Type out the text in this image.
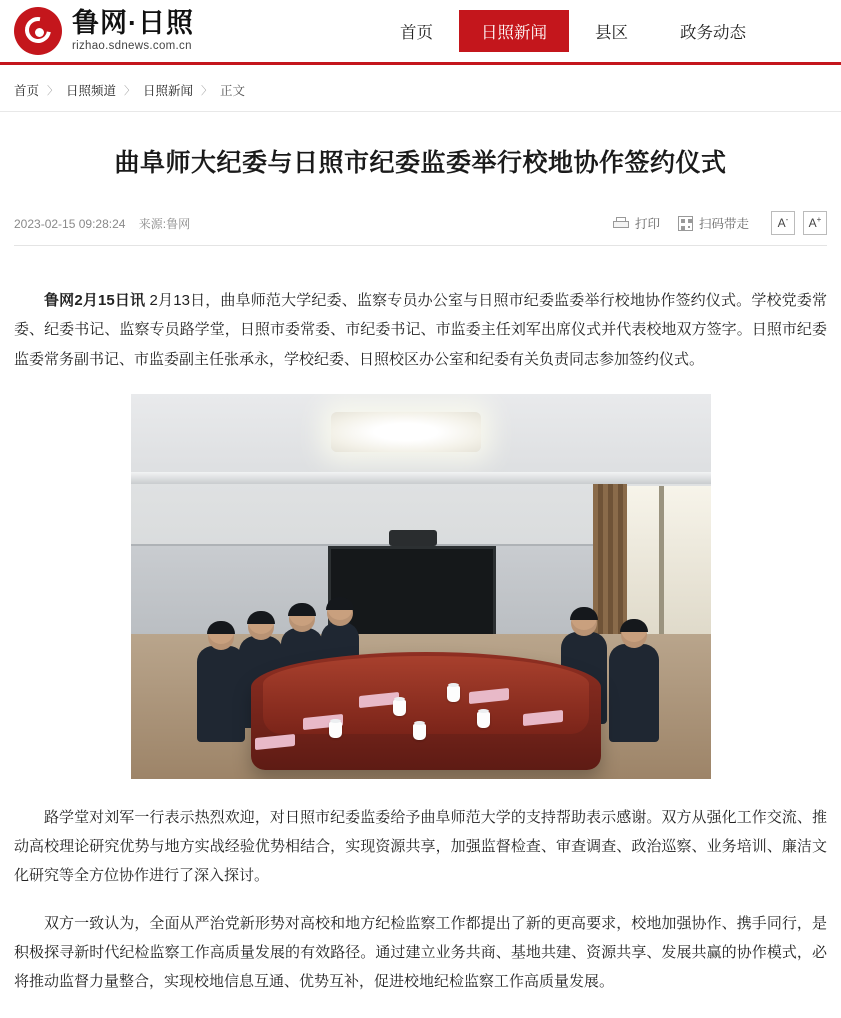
鲁网·日照
rizhao.sdnews.com.cn
首页	日照新闻	县区	政务动态
首页 〉 日照频道 〉 日照新闻 〉 正文
曲阜师大纪委与日照市纪委监委举行校地协作签约仪式
2023-02-15 09:28:24 来源:鲁网	打印	扫码带走 A- A+

鲁网2月15日讯 2月13日，曲阜师范大学纪委、监察专员办公室与日照市纪委监委举行校地协作签约仪式。学校党委常委、纪委书记、监察专员路学堂，日照市委常委、市纪委书记、市监委主任刘军出席仪式并代表校地双方签字。日照市纪委监委常务副书记、市监委副主任张承永，学校纪委、日照校区办公室和纪委有关负责同志参加签约仪式。

路学堂对刘军一行表示热烈欢迎，对日照市纪委监委给予曲阜师范大学的支持帮助表示感谢。双方从强化工作交流、推动高校理论研究优势与地方实战经验优势相结合，实现资源共享，加强监督检查、审查调查、政治巡察、业务培训、廉洁文化研究等全方位协作进行了深入探讨。

双方一致认为，全面从严治党新形势对高校和地方纪检监察工作都提出了新的更高要求，校地加强协作、携手同行，是积极探寻新时代纪检监察工作高质量发展的有效路径。通过建立业务共商、基地共建、资源共享、发展共赢的协作模式，必将推动监督力量整合，实现校地信息互通、优势互补，促进校地纪检监察工作高质量发展。
